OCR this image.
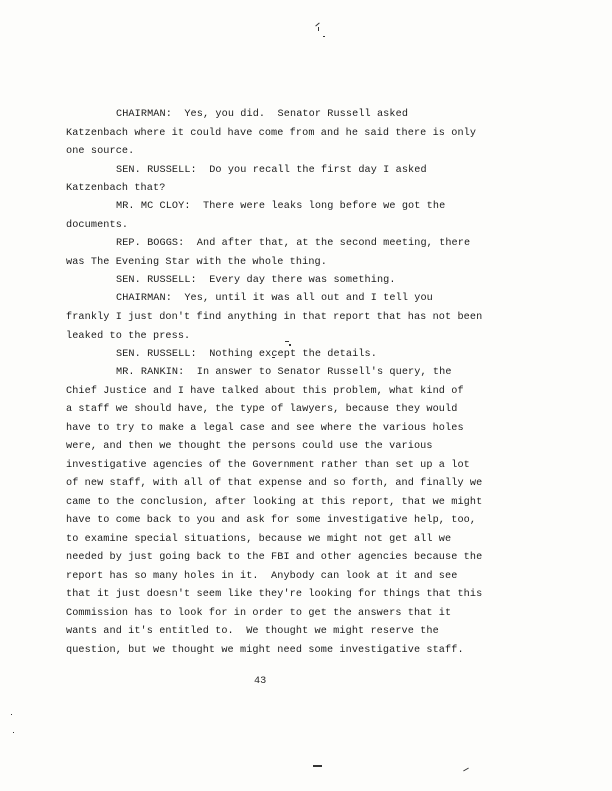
CHAIRMAN:  Yes, you did.  Senator Russell asked
Katzenbach where it could have come from and he said there is only
one source.
SEN. RUSSELL:  Do you recall the first day I asked
Katzenbach that?
MR. MC CLOY:  There were leaks long before we got the
documents.
REP. BOGGS:  And after that, at the second meeting, there
was The Evening Star with the whole thing.
SEN. RUSSELL:  Every day there was something.
CHAIRMAN:  Yes, until it was all out and I tell you
frankly I just don't find anything in that report that has not been
leaked to the press.
SEN. RUSSELL:  Nothing except the details.
MR. RANKIN:  In answer to Senator Russell's query, the
Chief Justice and I have talked about this problem, what kind of
a staff we should have, the type of lawyers, because they would
have to try to make a legal case and see where the various holes
were, and then we thought the persons could use the various
investigative agencies of the Government rather than set up a lot
of new staff, with all of that expense and so forth, and finally we
came to the conclusion, after looking at this report, that we might
have to come back to you and ask for some investigative help, too,
to examine special situations, because we might not get all we
needed by just going back to the FBI and other agencies because the
report has so many holes in it.  Anybody can look at it and see
that it just doesn't seem like they're looking for things that this
Commission has to look for in order to get the answers that it
wants and it's entitled to.  We thought we might reserve the
question, but we thought we might need some investigative staff.
43
